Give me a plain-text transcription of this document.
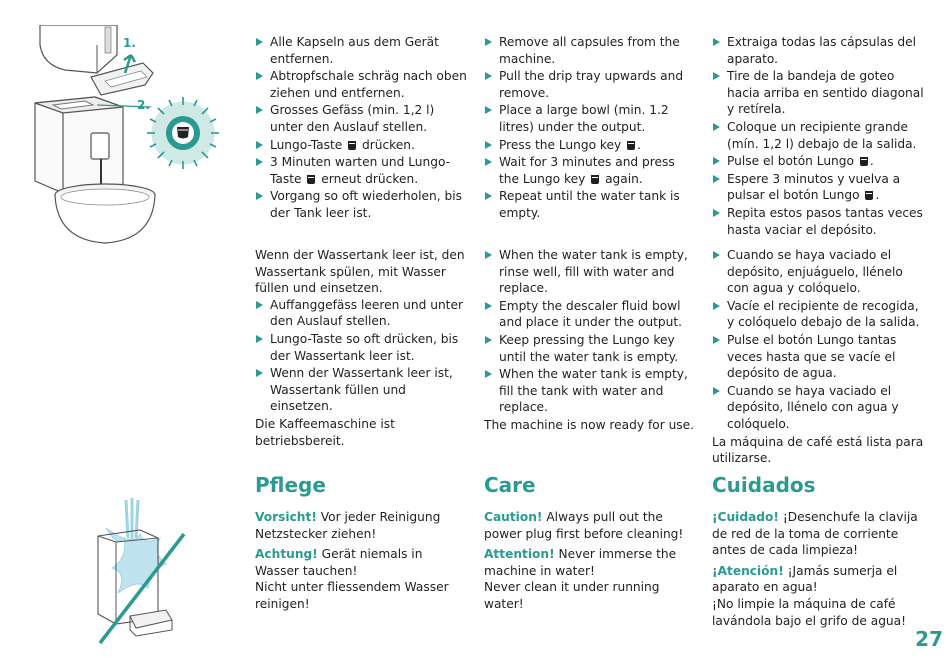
1.
2.
Alle Kapseln aus dem Gerät entfernen.
Abtropfschale schräg nach oben ziehen und entfernen.
Grosses Gefäss (min. 1,2 l) unter den Auslauf stellen.
Lungo-Taste drücken.
3 Minuten warten und Lungo-Taste erneut drücken.
Vorgang so oft wiederholen, bis der Tank leer ist.

Wenn der Wassertank leer ist, den Wassertank spülen, mit Wasser füllen und einsetzen.

Auffanggefäss leeren und unter den Auslauf stellen.
Lungo-Taste so oft drücken, bis der Wassertank leer ist.
Wenn der Wassertank leer ist, Wassertank füllen und einsetzen.

Die Kaffeemaschine ist betriebsbereit.

Remove all capsules from the machine.
Pull the drip tray upwards and remove.
Place a large bowl (min. 1.2 litres) under the output.
Press the Lungo key .
Wait for 3 minutes and press the Lungo key again.
Repeat until the water tank is empty.
When the water tank is empty, rinse well, fill with water and replace.
Empty the descaler fluid bowl and place it under the output.
Keep pressing the Lungo key until the water tank is empty.
When the water tank is empty, fill the tank with water and replace.

The machine is now ready for use.

Extraiga todas las cápsulas del aparato.
Tire de la bandeja de goteo hacia arriba en sentido diagonal y retírela.
Coloque un recipiente grande (mín. 1,2 l) debajo de la salida.
Pulse el botón Lungo .
Espere 3 minutos y vuelva a pulsar el botón Lungo .
Repita estos pasos tantas veces hasta vaciar el depósito.
Cuando se haya vaciado el depósito, enjuáguelo, llénelo con agua y colóquelo.
Vacíe el recipiente de recogida, y colóquelo debajo de la salida.
Pulse el botón Lungo tantas veces hasta que se vacíe el depósito de agua.
Cuando se haya vaciado el depósito, llénelo con agua y colóquelo.

La máquina de café está lista para utilizarse.

Pflege	Care	Cuidados

Vorsicht! Vor jeder Reinigung Netzstecker ziehen!

Achtung! Gerät niemals in Wasser tauchen!
Nicht unter fliessendem Wasser reinigen!

Caution! Always pull out the power plug first before cleaning!

Attention! Never immerse the machine in water!
Never clean it under running water!

¡Cuidado! ¡Desenchufe la clavija de red de la toma de corriente antes de cada limpieza!

¡Atención! ¡Jamás sumerja el aparato en agua!
¡No limpie la máquina de café lavándola bajo el grifo de agua!

27
